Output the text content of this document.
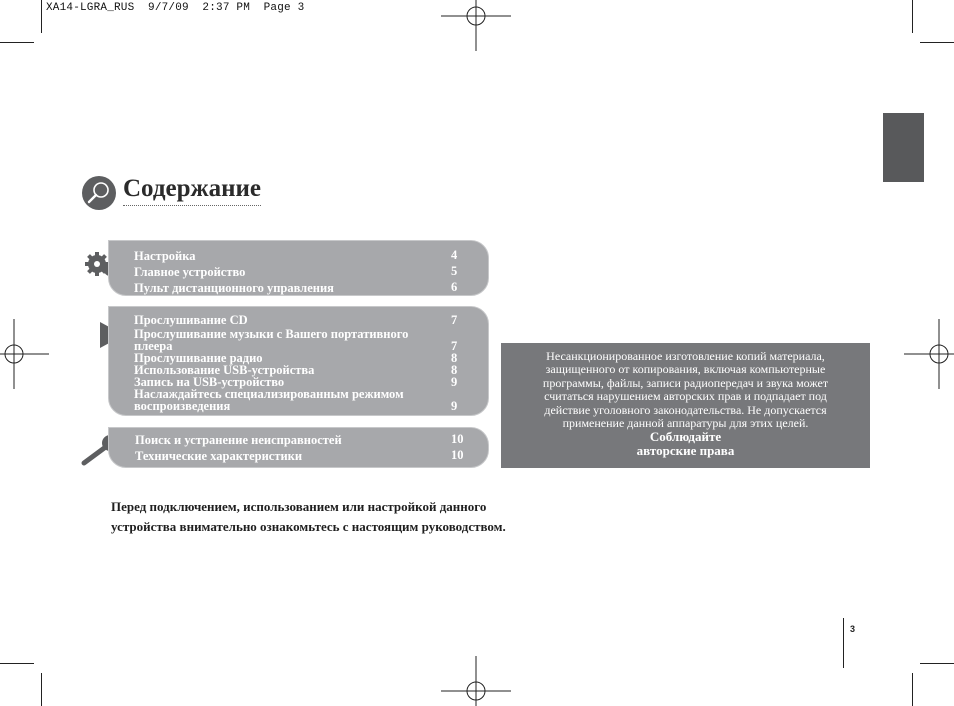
XA14-LGRA_RUS  9/7/09  2:37 PM  Page 3
Содержание
Настройка	4
Главное устройство	5
Пульт дистанционного управления	6
Прослушивание CD	7
Прослушивание музыки с Вашего портативного
плеера	7
Прослушивание радио	8
Использование USB-устройства	8
Запись на USB-устройство	9
Наслаждайтесь специализированным режимом
воспроизведения	9
Поиск и устранение неисправностей	10
Технические характеристики	10
Несанкционированное изготовление копий материала,
защищенного от копирования, включая компьютерные
программы, файлы, записи радиопередач и звука может
считаться нарушением авторских прав и подпадает под
действие уголовного законодательства. Не допускается
применение данной аппаратуры для этих целей.
Соблюдайте
авторские права
Перед подключением, использованием или настройкой данного
устройства внимательно ознакомьтесь с настоящим руководством.
3
